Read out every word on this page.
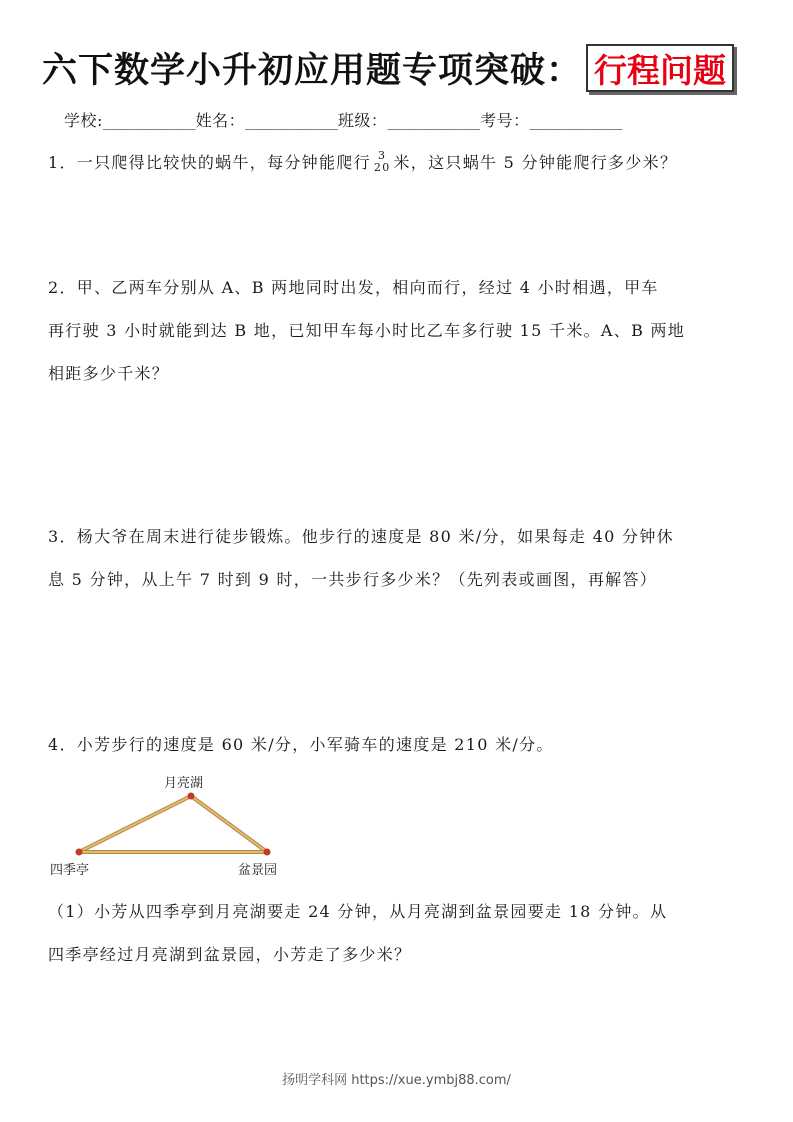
六下数学小升初应用题专项突破： 行程问题
学校:___________姓名：___________班级：___________考号：___________

1．一只爬得比较快的蜗牛，每分钟能爬行 3
20 米，这只蜗牛 5 分钟能爬行多少米？

2．甲、乙两车分别从 A、B 两地同时出发，相向而行，经过 4 小时相遇，甲车

再行驶 3 小时就能到达 B 地，已知甲车每小时比乙车多行驶 15 千米。A、B 两地

相距多少千米？

3．杨大爷在周末进行徒步锻炼。他步行的速度是 80 米/分，如果每走 40 分钟休

息 5 分钟，从上午 7 时到 9 时，一共步行多少米？（先列表或画图，再解答）

4．小芳步行的速度是 60 米/分，小军骑车的速度是 210 米/分。

月亮湖
四季亭	盆景园

（1）小芳从四季亭到月亮湖要走 24 分钟，从月亮湖到盆景园要走 18 分钟。从

四季亭经过月亮湖到盆景园，小芳走了多少米？

扬明学科网 https://xue.ymbj88.com/
